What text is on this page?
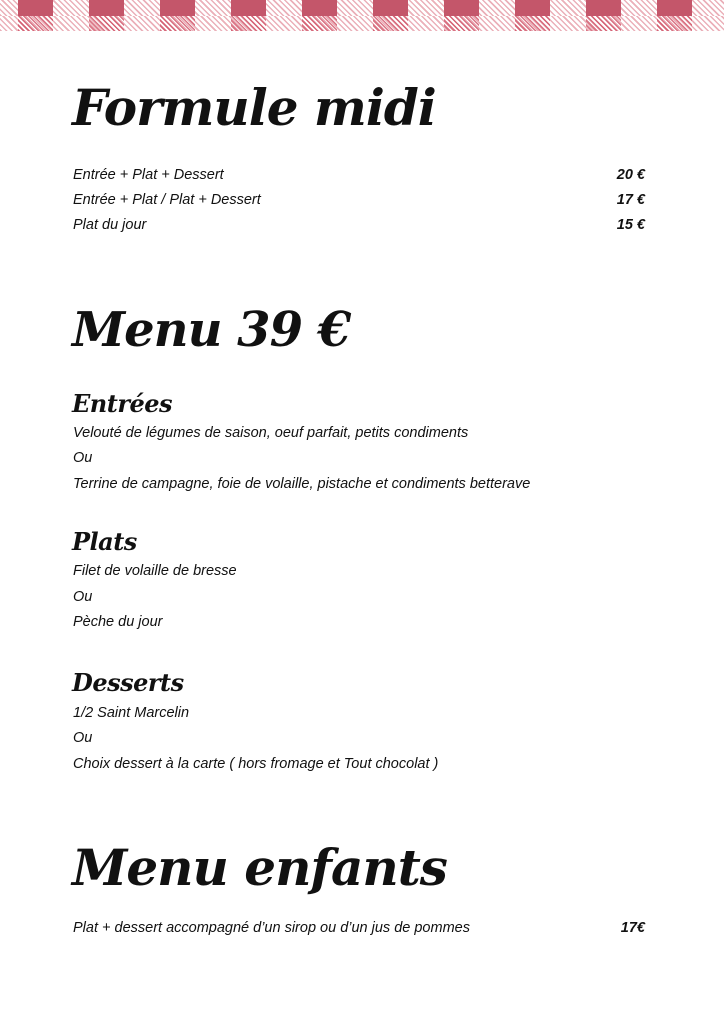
Formule midi
Entrée + Plat + Dessert	20 €
Entrée + Plat / Plat + Dessert	17 €
Plat du jour	15 €
Menu 39 €
Entrées

Velouté de légumes de saison, oeuf parfait, petits condiments

Ou

Terrine de campagne, foie de volaille, pistache et condiments betterave

Plats

Filet de volaille de bresse

Ou

Pèche du jour

Desserts

1/2 Saint Marcelin

Ou

Choix dessert à la carte ( hors fromage et Tout chocolat )

Menu enfants
Plat + dessert accompagné d’un sirop ou d’un jus de pommes	17€
